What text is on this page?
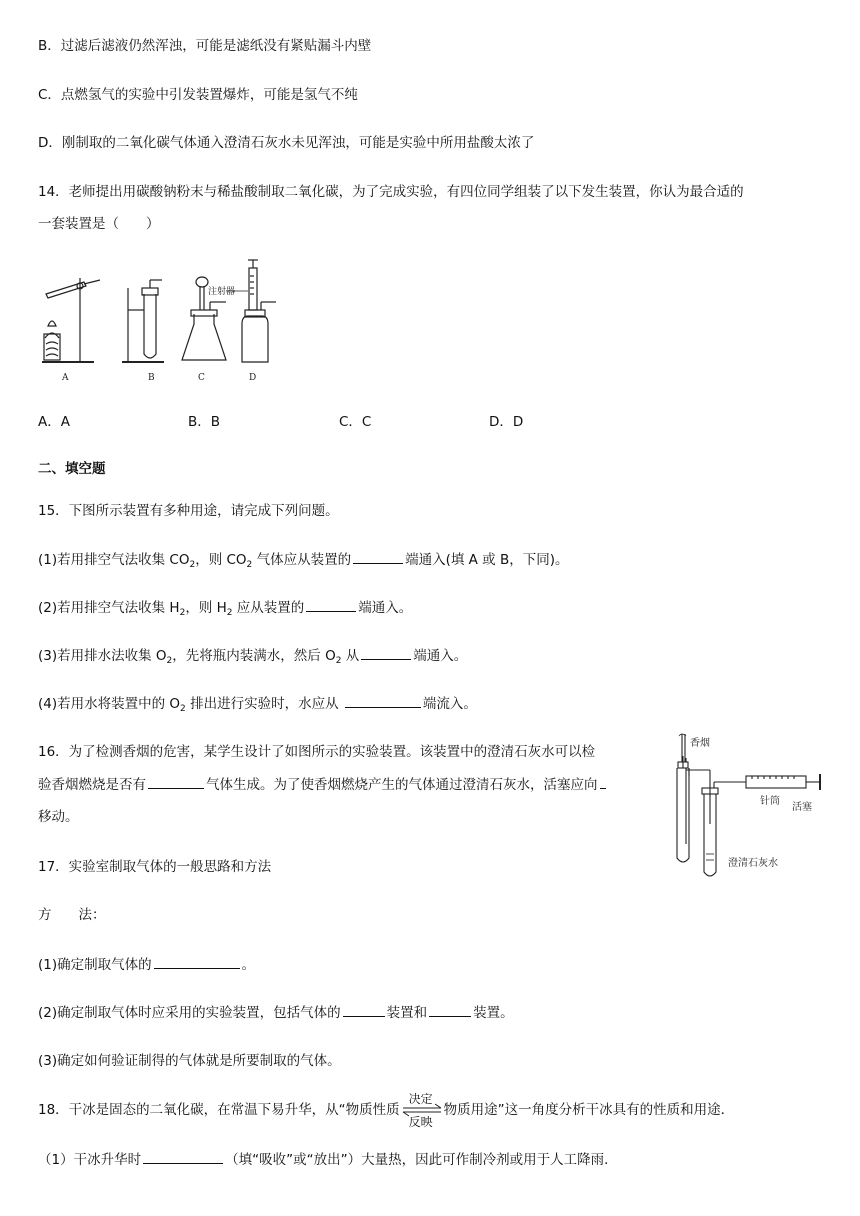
B．过滤后滤液仍然浑浊，可能是滤纸没有紧贴漏斗内壁
C．点燃氢气的实验中引发装置爆炸，可能是氢气不纯
D．刚制取的二氧化碳气体通入澄清石灰水未见浑浊，可能是实验中所用盐酸太浓了
14．老师提出用碳酸钠粉末与稀盐酸制取二氧化碳，为了完成实验，有四位同学组装了以下发生装置，你认为最合适的
一套装置是（　　）
注射器
A	B	C	D
A．A	B．B	C．C	D．D
二、填空题
15．下图所示装置有多种用途，请完成下列问题。
(1)若用排空气法收集 $CO_2$，则 $CO_2$ 气体应从装置的	端通入(填 A 或 B，下同)。
(2)若用排空气法收集 $H_2$，则 $H_2$ 应从装置的	端通入。
(3)若用排水法收集 $O_2$，先将瓶内装满水，然后 $O_2$ 从	端通入。
(4)若用水将装置中的 $O_2$ 排出进行实验时，水应从	端流入。
16．为了检测香烟的危害，某学生设计了如图所示的实验装置。该装置中的澄清石灰水可以检
验香烟燃烧是否有	气体生成。为了使香烟燃烧产生的气体通过澄清石灰水，活塞应向
移动。
香烟
针筒
活塞
澄清石灰水
17．实验室制取气体的一般思路和方法
方　　法：
(1)确定制取气体的	。
(2)确定制取气体时应采用的实验装置，包括气体的	装置和	装置。
(3)确定如何验证制得的气体就是所要制取的气体。
18．干冰是固态的二氧化碳，在常温下易升华，从“物质性质
决定
反映
物质用途”这一角度分析干冰具有的性质和用途．
（1）干冰升华时	（填“吸收”或“放出”）大量热，因此可作制冷剂或用于人工降雨．
